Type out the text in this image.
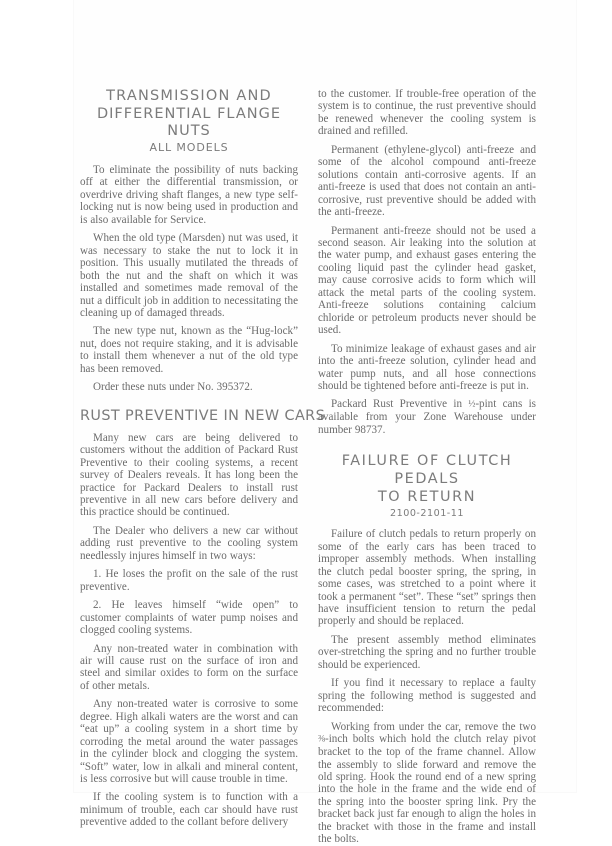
TRANSMISSION AND
DIFFERENTIAL FLANGE NUTS
ALL MODELS

To eliminate the possibility of nuts backing off at either the differential transmission, or overdrive driving shaft flanges, a new type self-locking nut is now being used in production and is also available for Service.

When the old type (Marsden) nut was used, it was necessary to stake the nut to lock it in position. This usually mutilated the threads of both the nut and the shaft on which it was installed and sometimes made removal of the nut a difficult job in addition to necessitating the cleaning up of damaged threads.

The new type nut, known as the “Hug-lock” nut, does not require staking, and it is advisable to install them whenever a nut of the old type has been removed.

Order these nuts under No. 395372.

RUST PREVENTIVE IN NEW CARS

Many new cars are being delivered to customers without the addition of Packard Rust Preventive to their cooling systems, a recent survey of Dealers reveals. It has long been the practice for Packard Dealers to install rust preventive in all new cars before delivery and this practice should be continued.

The Dealer who delivers a new car without adding rust preventive to the cooling system needlessly injures himself in two ways:

1. He loses the profit on the sale of the rust preventive.

2. He leaves himself “wide open” to customer complaints of water pump noises and clogged cooling systems.

Any non-treated water in combination with air will cause rust on the surface of iron and steel and similar oxides to form on the surface of other metals.

Any non-treated water is corrosive to some degree. High alkali waters are the worst and can “eat up” a cooling system in a short time by corroding the metal around the water passages in the cylinder block and clogging the system. “Soft” water, low in alkali and mineral content, is less corrosive but will cause trouble in time.

If the cooling system is to function with a minimum of trouble, each car should have rust preventive added to the collant before delivery

to the customer. If trouble-free operation of the system is to continue, the rust preventive should be renewed whenever the cooling system is drained and refilled.

Permanent (ethylene-glycol) anti-freeze and some of the alcohol compound anti-freeze solutions contain anti-corrosive agents. If an anti-freeze is used that does not contain an anti-corrosive, rust preventive should be added with the anti-freeze.

Permanent anti-freeze should not be used a second season. Air leaking into the solution at the water pump, and exhaust gases entering the cooling liquid past the cylinder head gasket, may cause corrosive acids to form which will attack the metal parts of the cooling system. Anti-freeze solutions containing calcium chloride or petroleum products never should be used.

To minimize leakage of exhaust gases and air into the anti-freeze solution, cylinder head and water pump nuts, and all hose connections should be tightened before anti-freeze is put in.

Packard Rust Preventive in ½-pint cans is available from your Zone Warehouse under number 98737.

FAILURE OF CLUTCH PEDALS
TO RETURN
2100-2101-11

Failure of clutch pedals to return properly on some of the early cars has been traced to improper assembly methods. When installing the clutch pedal booster spring, the spring, in some cases, was stretched to a point where it took a permanent “set”. These “set” springs then have insufficient tension to return the pedal properly and should be replaced.

The present assembly method eliminates over-stretching the spring and no further trouble should be experienced.

If you find it necessary to replace a faulty spring the following method is suggested and recommended:

Working from under the car, remove the two ⅜-inch bolts which hold the clutch relay pivot bracket to the top of the frame channel. Allow the assembly to slide forward and remove the old spring. Hook the round end of a new spring into the hole in the frame and the wide end of the spring into the booster spring link. Pry the bracket back just far enough to align the holes in the bracket with those in the frame and install the bolts.
